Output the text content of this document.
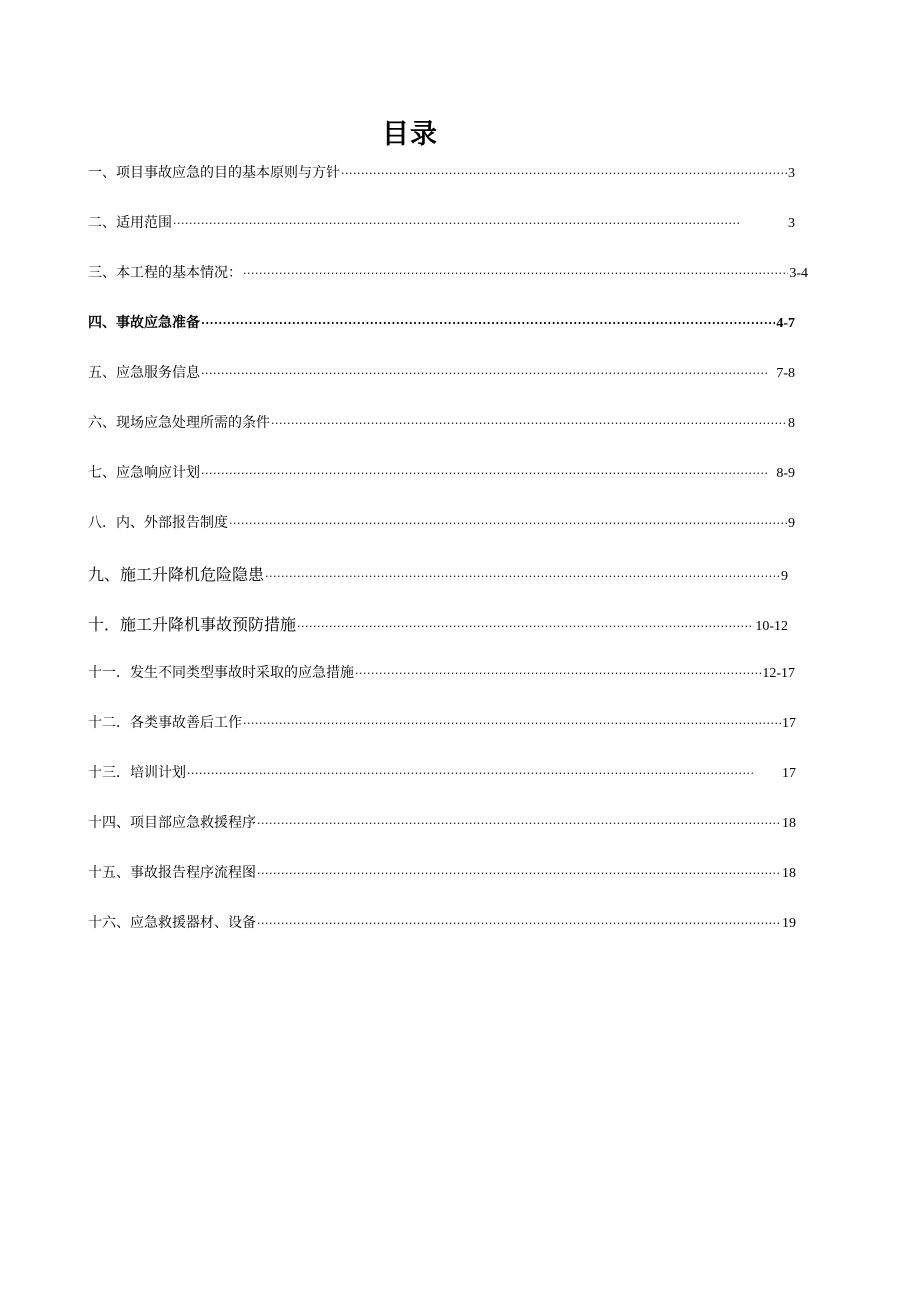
目录
一、项目事故应急的目的基本原则与方针 ·····	3
二、适用范围 ·····	3
三、本工程的基本情况： ·····	3-4
四、事故应急准备 ·····	4-7
五、应急服务信息 ·····	7-8
六、现场应急处理所需的条件 ·····	8
七、应急响应计划 ·····	8-9
八．内、外部报告制度 ·····	9
九、施工升降机危险隐患 ·····	9
十．施工升降机事故预防措施 ·····	10-12
十一．发生不同类型事故时采取的应急措施 ·····	12-17
十二．各类事故善后工作 ·····	17
十三．培训计划 ·····	17
十四、项目部应急救援程序 ·····	18
十五、事故报告程序流程图 ·····	18
十六、应急救援器材、设备 ·····	19
